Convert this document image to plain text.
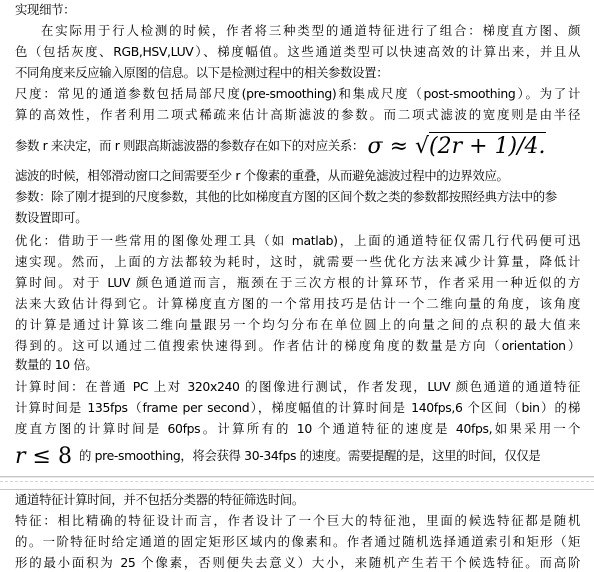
实现细节：
在实际用于行人检测的时候，作者将三种类型的通道特征进行了组合：梯度直方图、颜
色（包括灰度、RGB,HSV,LUV）、梯度幅值。这些通道类型可以快速高效的计算出来，并且从
不同角度来反应输入原图的信息。以下是检测过程中的相关参数设置：
尺度：常见的通道参数包括局部尺度(pre-smoothing)和集成尺度（post-smoothing）。为了计
算的高效性，作者利用二项式稀疏来估计高斯滤波的参数。而二项式滤波的宽度则是由半径
参数 r 来决定，而 r 则跟高斯滤波器的参数存在如下的对应关系： σ ≈ √(2r + 1)/4.
滤波的时候，相邻滑动窗口之间需要至少 r 个像素的重叠，从而避免滤波过程中的边界效应。
参数：除了刚才提到的尺度参数，其他的比如梯度直方图的区间个数之类的参数都按照经典方法中的参
数设置即可。
优化：借助于一些常用的图像处理工具（如 matlab)，上面的通道特征仅需几行代码便可迅
速实现。然而，上面的方法都较为耗时，这时，就需要一些优化方法来减少计算量，降低计
算时间。对于 LUV 颜色通道而言，瓶颈在于三次方根的计算环节，作者采用一种近似的方
法来大致估计得到它。计算梯度直方图的一个常用技巧是估计一个二维向量的角度，该角度
的计算是通过计算该二维向量跟另一个均匀分布在单位圆上的向量之间的点积的最大值来
得到的。这可以通过二值搜索快速得到。作者估计的梯度角度的数量是方向（orientation）
数量的 10 倍。
计算时间：在普通 PC 上对 320x240 的图像进行测试，作者发现，LUV 颜色通道的通道特征
计算时间是 135fps（frame per second），梯度幅值的计算时间是 140fps,6 个区间（bin）的梯
度直方图的计算时间是 60fps。计算所有的 10 个通道特征的速度是 40fps,如果采用一个
r ≤ 8 的 pre-smoothing，将会获得 30-34fps 的速度。需要提醒的是，这里的时间，仅仅是
通道特征计算时间，并不包括分类器的特征筛选时间。
特征：相比精确的特征设计而言，作者设计了一个巨大的特征池，里面的候选特征都是随机
的。一阶特征时给定通道的固定矩形区域内的像素和。作者通过随机选择通道索引和矩形（矩
形的最小面积为 25 个像素，否则便失去意义）大小，来随机产生若干个候选特征。而高阶
